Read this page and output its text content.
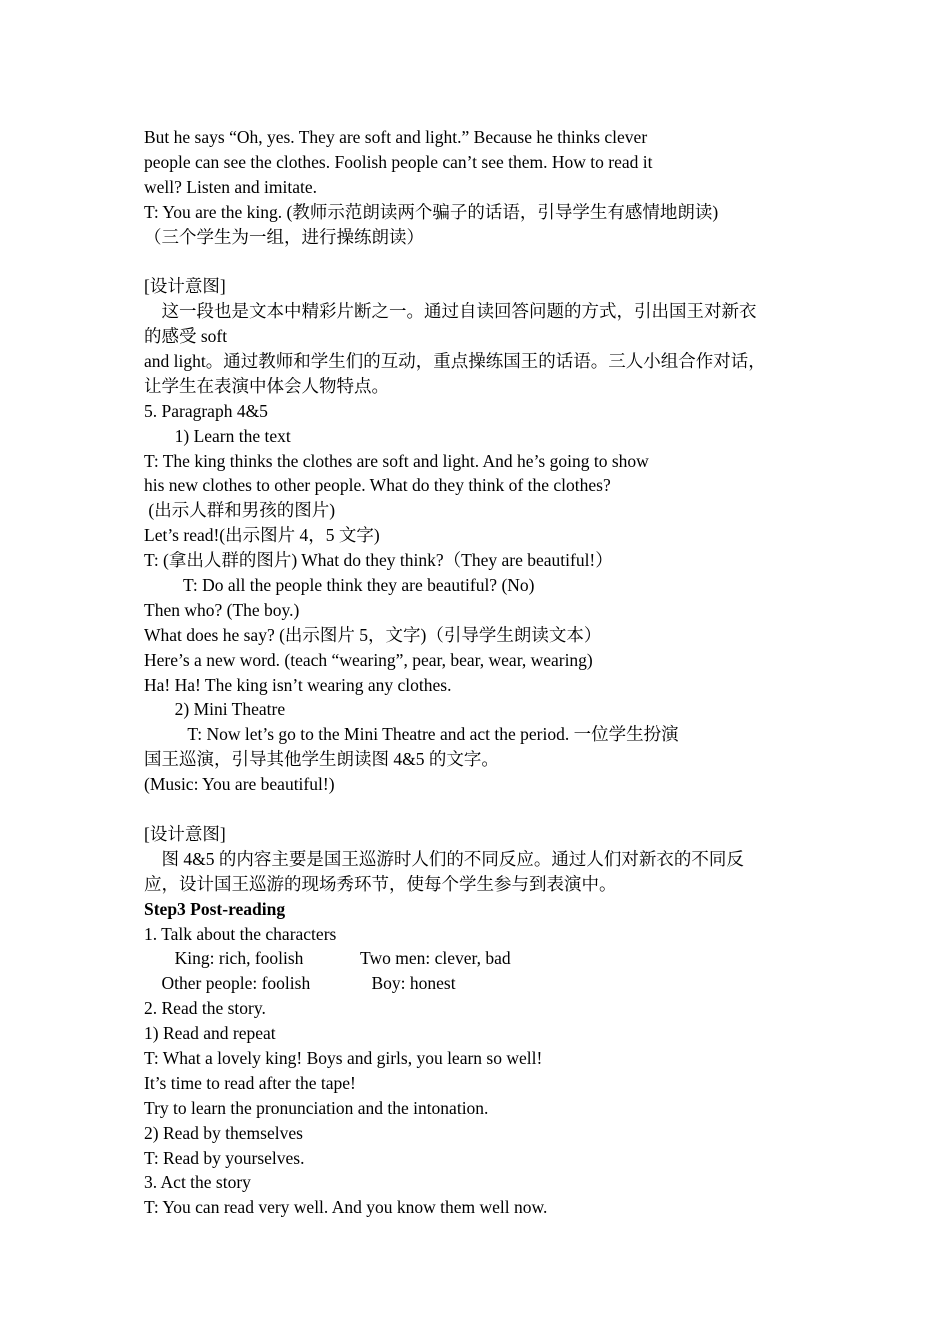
But he says “Oh, yes. They are soft and light.” Because he thinks clever
people can see the clothes. Foolish people can’t see them. How to read it
well? Listen and imitate.
T: You are the king. (教师示范朗读两个骗子的话语，引导学生有感情地朗读)
（三个学生为一组，进行操练朗读）
[设计意图]
这一段也是文本中精彩片断之一。通过自读回答问题的方式，引出国王对新衣
的感受 soft
and light。通过教师和学生们的互动，重点操练国王的话语。三人小组合作对话，
让学生在表演中体会人物特点。
5. Paragraph 4&5
1) Learn the text
T: The king thinks the clothes are soft and light. And he’s going to show
his new clothes to other people. What do they think of the clothes?
(出示人群和男孩的图片)
Let’s read!(出示图片 4，5 文字)
T: (拿出人群的图片) What do they think?（They are beautiful!）
T: Do all the people think they are beautiful? (No)
Then who? (The boy.)
What does he say? (出示图片 5，文字)（引导学生朗读文本）
Here’s a new word. (teach “wearing”, pear, bear, wear, wearing)
Ha! Ha! The king isn’t wearing any clothes.
2) Mini Theatre
T: Now let’s go to the Mini Theatre and act the period. 一位学生扮演
国王巡演，引导其他学生朗读图 4&5 的文字。
(Music: You are beautiful!)
[设计意图]
图 4&5 的内容主要是国王巡游时人们的不同反应。通过人们对新衣的不同反
应，设计国王巡游的现场秀环节，使每个学生参与到表演中。
Step3 Post-reading
1. Talk about the characters
King: rich, foolish             Two men: clever, bad
Other people: foolish              Boy: honest
2. Read the story.
1) Read and repeat
T: What a lovely king! Boys and girls, you learn so well!
It’s time to read after the tape!
Try to learn the pronunciation and the intonation.
2) Read by themselves
T: Read by yourselves.
3. Act the story
T: You can read very well. And you know them well now.
